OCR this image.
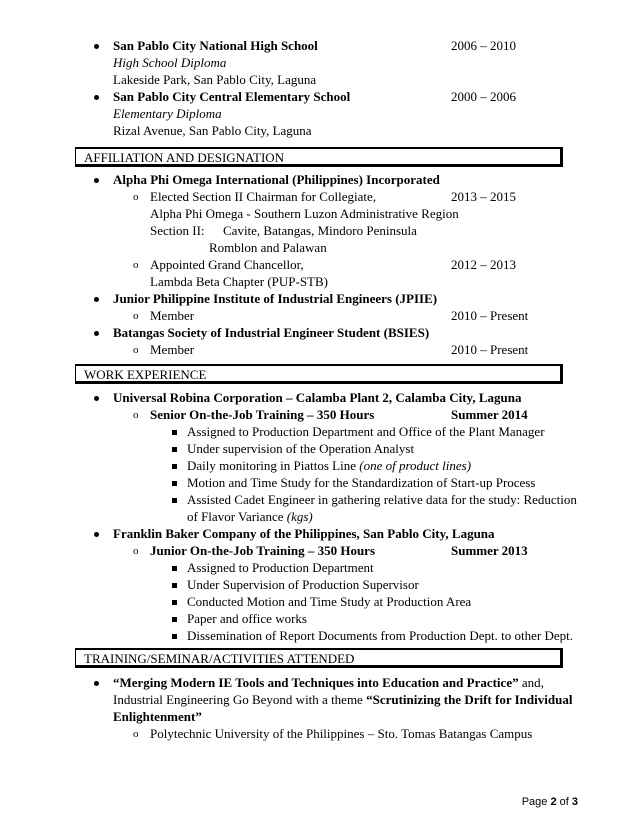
San Pablo City National High School	2006 – 2010
High School Diploma
Lakeside Park, San Pablo City, Laguna
San Pablo City Central Elementary School	2000 – 2006
Elementary Diploma
Rizal Avenue, San Pablo City, Laguna
AFFILIATION AND DESIGNATION
Alpha Phi Omega International (Philippines) Incorporated
o Elected Section II Chairman for Collegiate,	2013 – 2015
Alpha Phi Omega - Southern Luzon Administrative Region
Section II: Cavite, Batangas, Mindoro Peninsula
Romblon and Palawan
o Appointed Grand Chancellor,	2012 – 2013
Lambda Beta Chapter (PUP-STB)
Junior Philippine Institute of Industrial Engineers (JPIIE)
o Member	2010 – Present
Batangas Society of Industrial Engineer Student (BSIES)
o Member	2010 – Present
WORK EXPERIENCE
Universal Robina Corporation – Calamba Plant 2, Calamba City, Laguna
o Senior On-the-Job Training – 350 Hours	Summer 2014
Assigned to Production Department and Office of the Plant Manager
Under supervision of the Operation Analyst
Daily monitoring in Piattos Line (one of product lines)
Motion and Time Study for the Standardization of Start-up Process
Assisted Cadet Engineer in gathering relative data for the study: Reduction
of Flavor Variance (kgs)
Franklin Baker Company of the Philippines, San Pablo City, Laguna
o Junior On-the-Job Training – 350 Hours	Summer 2013
Assigned to Production Department
Under Supervision of Production Supervisor
Conducted Motion and Time Study at Production Area
Paper and office works
Dissemination of Report Documents from Production Dept. to other Dept.
TRAINING/SEMINAR/ACTIVITIES ATTENDED
“Merging Modern IE Tools and Techniques into Education and Practice” and,
Industrial Engineering Go Beyond with a theme “Scrutinizing the Drift for Individual
Enlightenment”
o Polytechnic University of the Philippines – Sto. Tomas Batangas Campus
Page 2 of 3
